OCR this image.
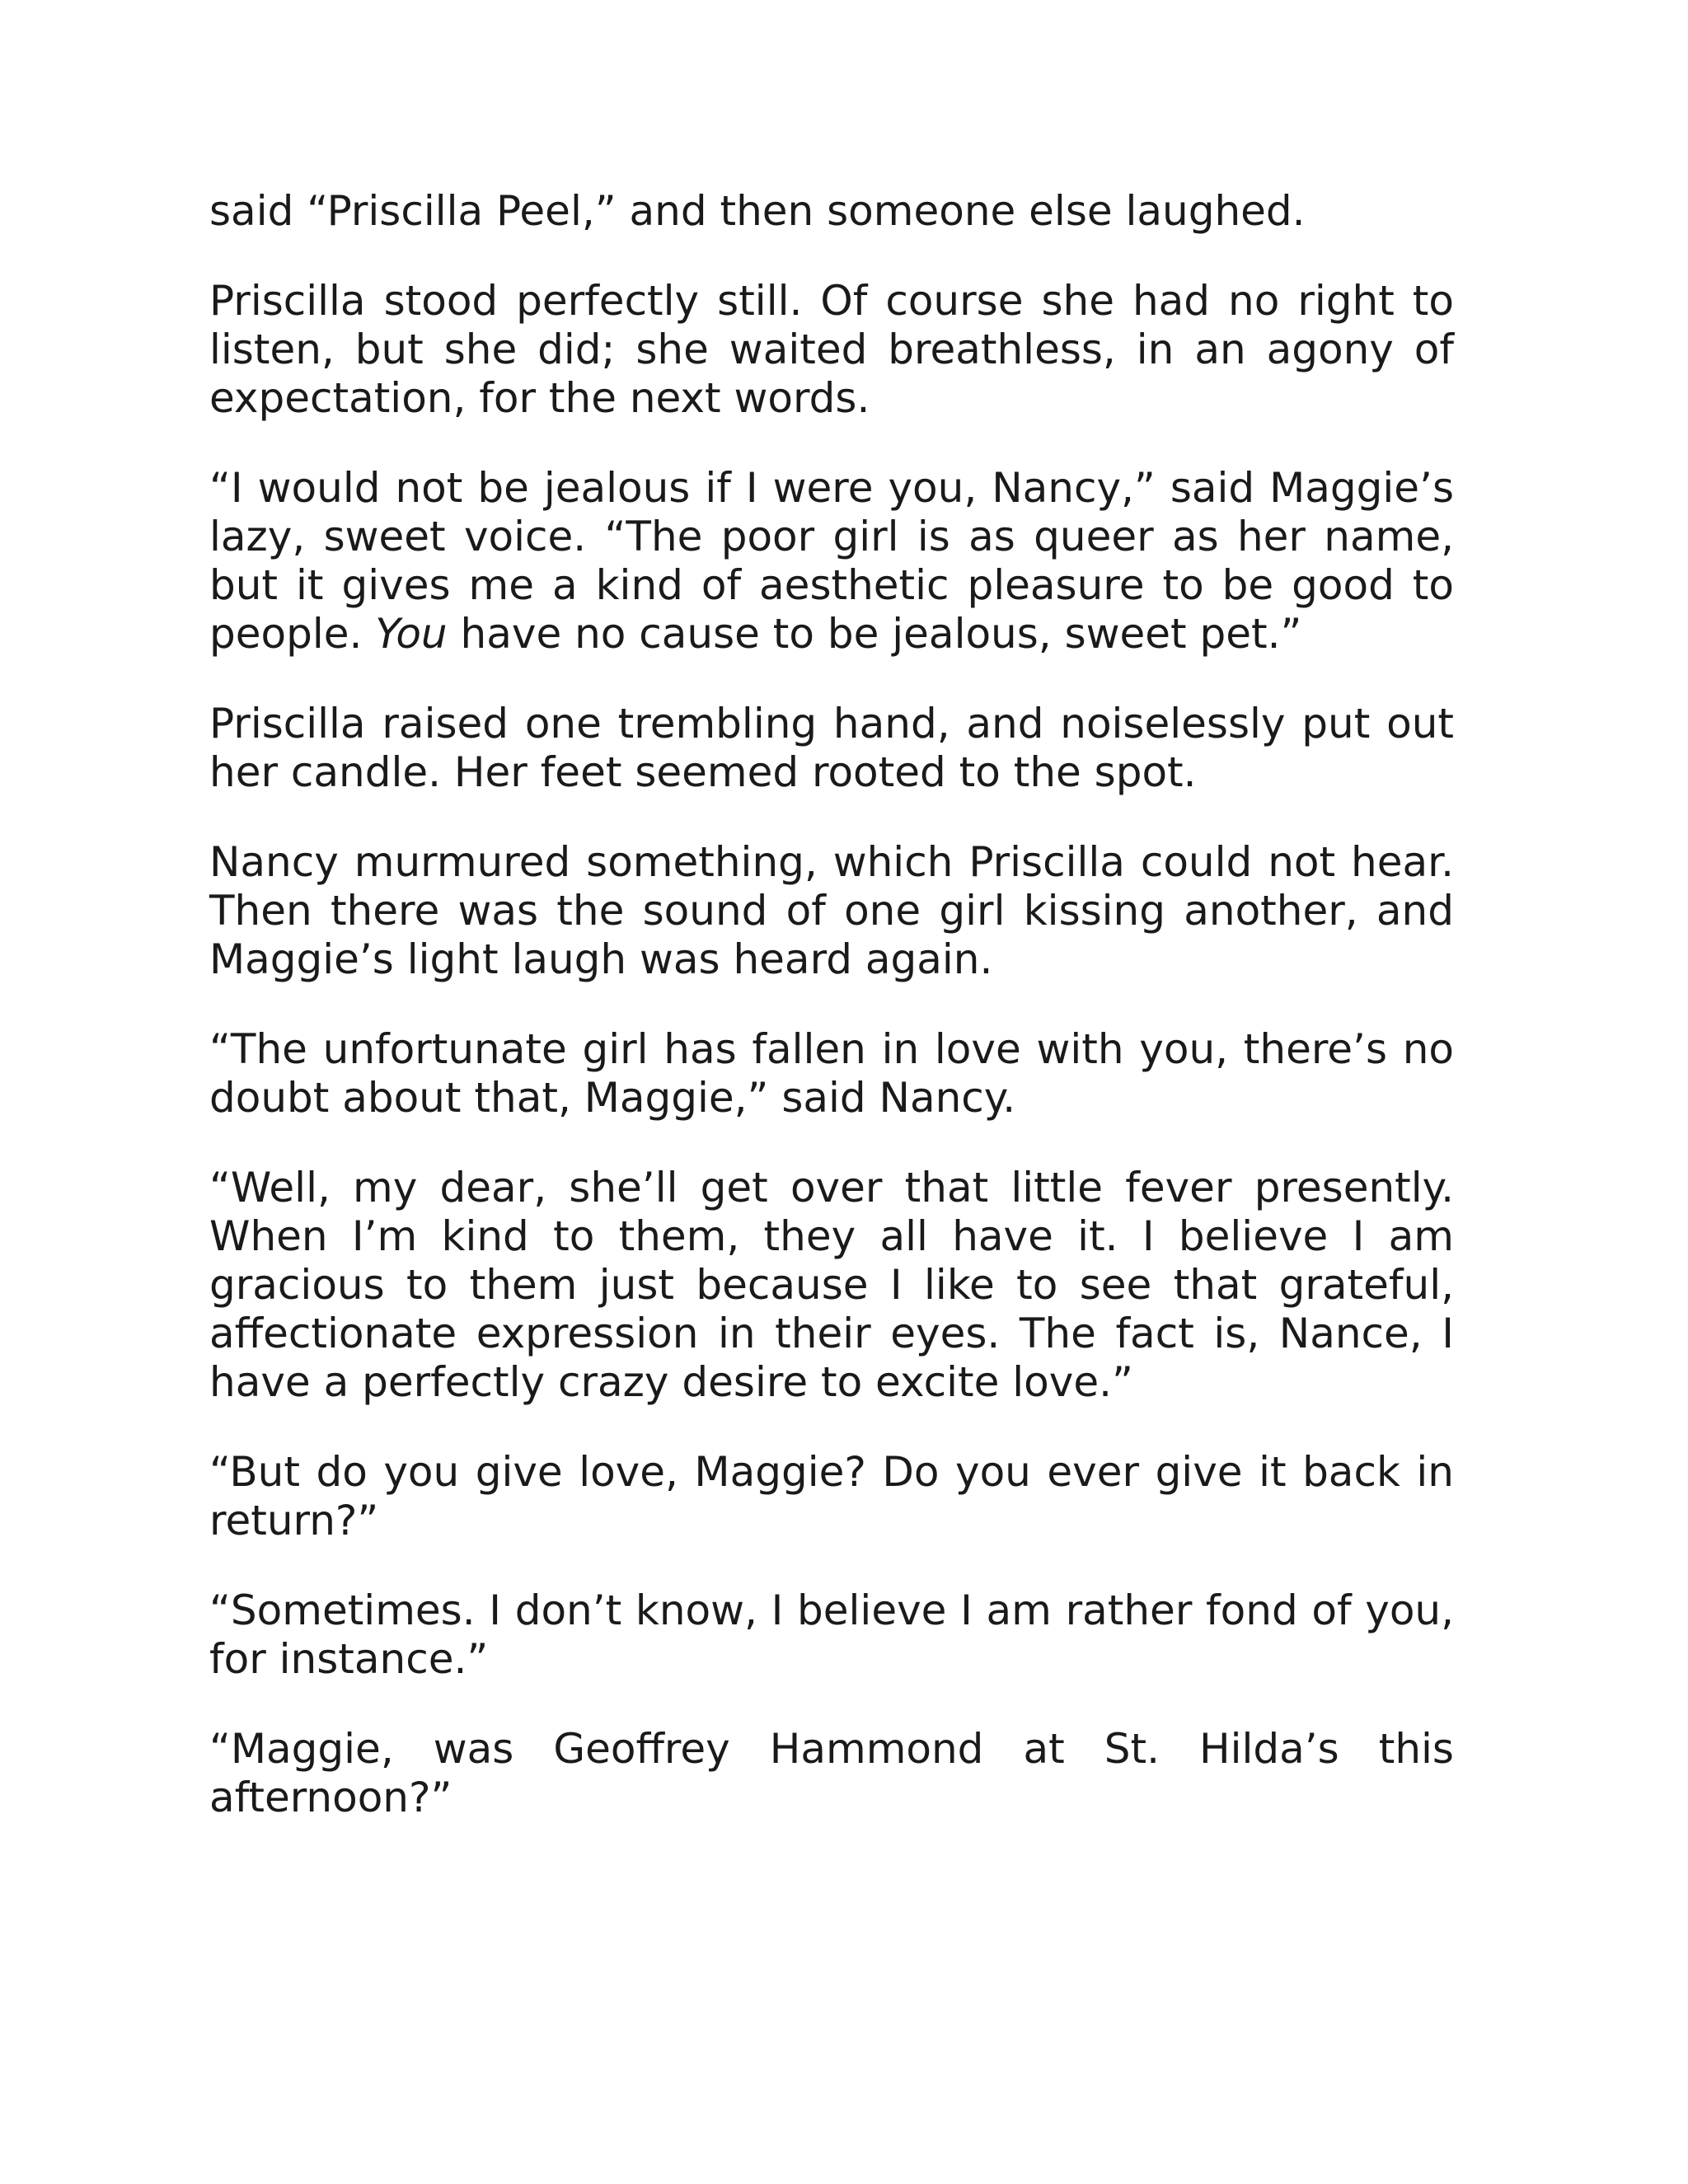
said “Priscilla Peel,” and then someone else laughed.

Priscilla stood perfectly still. Of course she had no right to listen, but she did; she waited breathless, in an agony of expectation, for the next words.

“I would not be jealous if I were you, Nancy,” said Maggie’s lazy, sweet voice. “The poor girl is as queer as her name, but it gives me a kind of aesthetic pleasure to be good to people. You have no cause to be jealous, sweet pet.”

Priscilla raised one trembling hand, and noiselessly put out her candle. Her feet seemed rooted to the spot.

Nancy murmured something, which Priscilla could not hear. Then there was the sound of one girl kissing another, and Maggie’s light laugh was heard again.

“The unfortunate girl has fallen in love with you, there’s no doubt about that, Maggie,” said Nancy.

“Well, my dear, she’ll get over that little fever presently. When I’m kind to them, they all have it. I believe I am gracious to them just because I like to see that grateful, affectionate expression in their eyes. The fact is, Nance, I have a perfectly crazy desire to excite love.”

“But do you give love, Maggie? Do you ever give it back in return?”

“Sometimes. I don’t know, I believe I am rather fond of you, for instance.”

“Maggie, was Geoffrey Hammond at St. Hilda’s this afternoon?”
